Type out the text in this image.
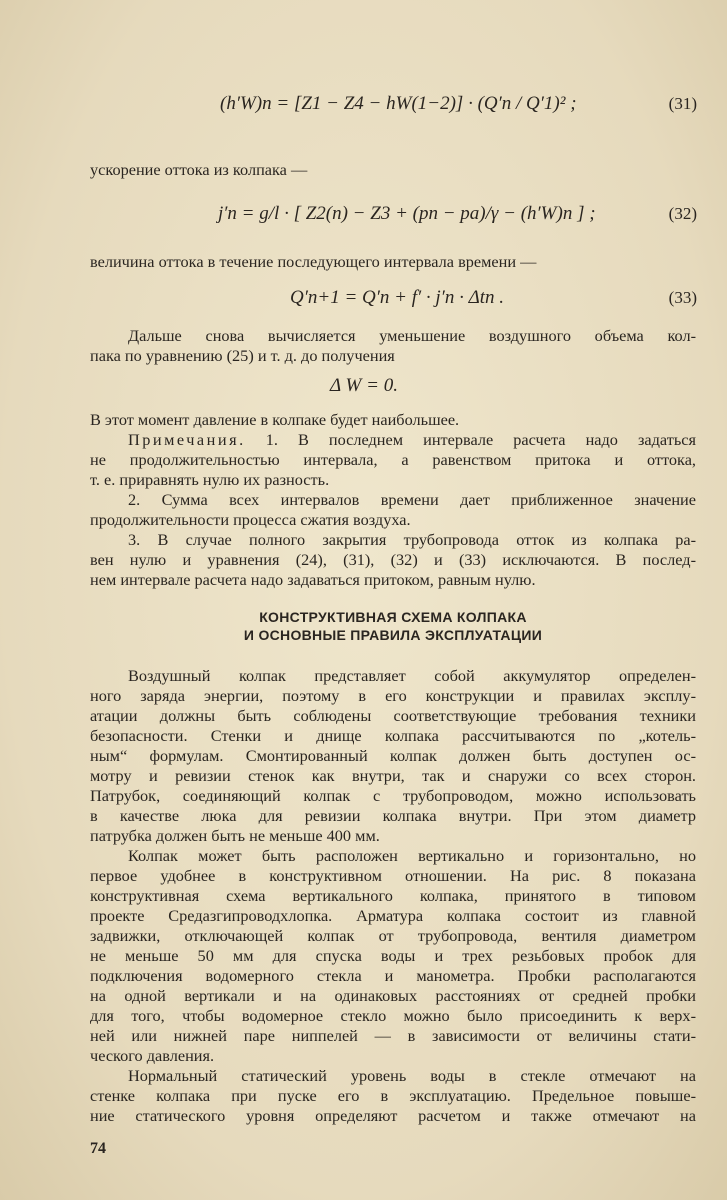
(h′W)n = [Z1 − Z4 − hW(1−2)] · (Q′n / Q′1)² ;	(31)
ускорение оттока из колпака —
j′n = g/l · [ Z2(n) − Z3 + (pn − pa)/γ − (h′W)n ] ;	(32)
величина оттока в течение последующего интервала времени —
Q′n+1 = Q′n + f′ · j′n · Δtn .	(33)
Дальше снова вычисляется уменьшение воздушного объема кол-
пака по уравнению (25) и т. д. до получения
Δ W = 0.
В этот момент давление в колпаке будет наибольшее.
Примечания. 1. В последнем интервале расчета надо задаться
не продолжительностью интервала, а равенством притока и оттока,
т. е. приравнять нулю их разность.
2. Сумма всех интервалов времени дает приближенное значение
продолжительности процесса сжатия воздуха.
3. В случае полного закрытия трубопровода отток из колпака ра-
вен нулю и уравнения (24), (31), (32) и (33) исключаются. В послед-
нем интервале расчета надо задаваться притоком, равным нулю.
КОНСТРУКТИВНАЯ СХЕМА КОЛПАКА
И ОСНОВНЫЕ ПРАВИЛА ЭКСПЛУАТАЦИИ
Воздушный колпак представляет собой аккумулятор определен-
ного заряда энергии, поэтому в его конструкции и правилах эксплу-
атации должны быть соблюдены соответствующие требования техники
безопасности. Стенки и днище колпака рассчитываются по „котель-
ным“ формулам. Смонтированный колпак должен быть доступен ос-
мотру и ревизии стенок как внутри, так и снаружи со всех сторон.
Патрубок, соединяющий колпак с трубопроводом, можно использовать
в качестве люка для ревизии колпака внутри. При этом диаметр
патрубка должен быть не меньше 400 мм.
Колпак может быть расположен вертикально и горизонтально, но
первое удобнее в конструктивном отношении. На рис. 8 показана
конструктивная схема вертикального колпака, принятого в типовом
проекте Средазгипроводхлопка. Арматура колпака состоит из главной
задвижки, отключающей колпак от трубопровода, вентиля диаметром
не меньше 50 мм для спуска воды и трех резьбовых пробок для
подключения водомерного стекла и манометра. Пробки располагаются
на одной вертикали и на одинаковых расстояниях от средней пробки
для того, чтобы водомерное стекло можно было присоединить к верх-
ней или нижней паре ниппелей — в зависимости от величины стати-
ческого давления.
Нормальный статический уровень воды в стекле отмечают на
стенке колпака при пуске его в эксплуатацию. Предельное повыше-
ние статического уровня определяют расчетом и также отмечают на
74
